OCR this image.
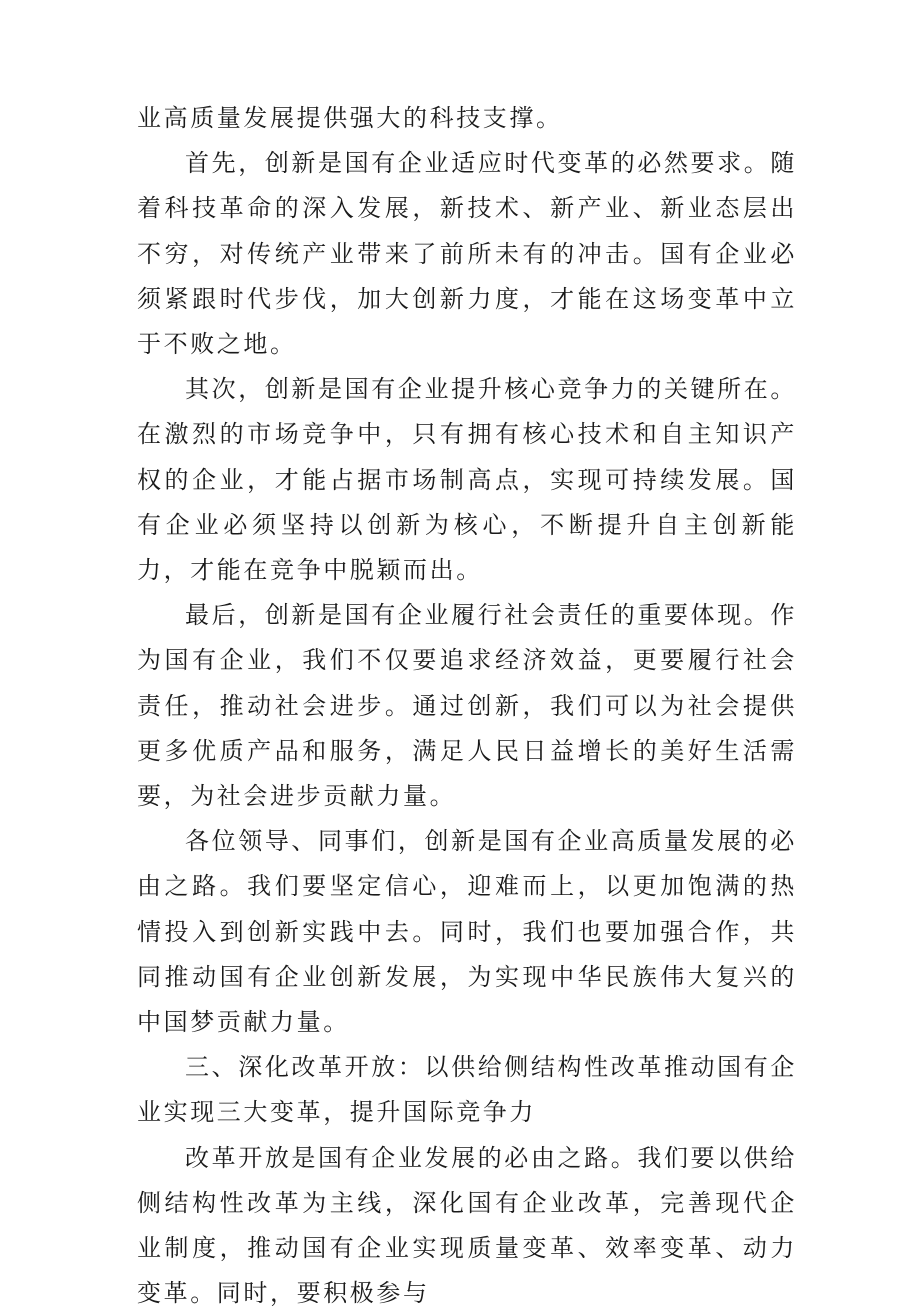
业高质量发展提供强大的科技支撑。

首先，创新是国有企业适应时代变革的必然要求。随着科技革命的深入发展，新技术、新产业、新业态层出不穷，对传统产业带来了前所未有的冲击。国有企业必须紧跟时代步伐，加大创新力度，才能在这场变革中立于不败之地。

其次，创新是国有企业提升核心竞争力的关键所在。在激烈的市场竞争中，只有拥有核心技术和自主知识产权的企业，才能占据市场制高点，实现可持续发展。国有企业必须坚持以创新为核心，不断提升自主创新能力，才能在竞争中脱颖而出。

最后，创新是国有企业履行社会责任的重要体现。作为国有企业，我们不仅要追求经济效益，更要履行社会责任，推动社会进步。通过创新，我们可以为社会提供更多优质产品和服务，满足人民日益增长的美好生活需要，为社会进步贡献力量。

各位领导、同事们，创新是国有企业高质量发展的必由之路。我们要坚定信心，迎难而上，以更加饱满的热情投入到创新实践中去。同时，我们也要加强合作，共同推动国有企业创新发展，为实现中华民族伟大复兴的中国梦贡献力量。

三、深化改革开放：以供给侧结构性改革推动国有企业实现三大变革，提升国际竞争力

改革开放是国有企业发展的必由之路。我们要以供给侧结构性改革为主线，深化国有企业改革，完善现代企业制度，推动国有企业实现质量变革、效率变革、动力变革。同时，要积极参与
